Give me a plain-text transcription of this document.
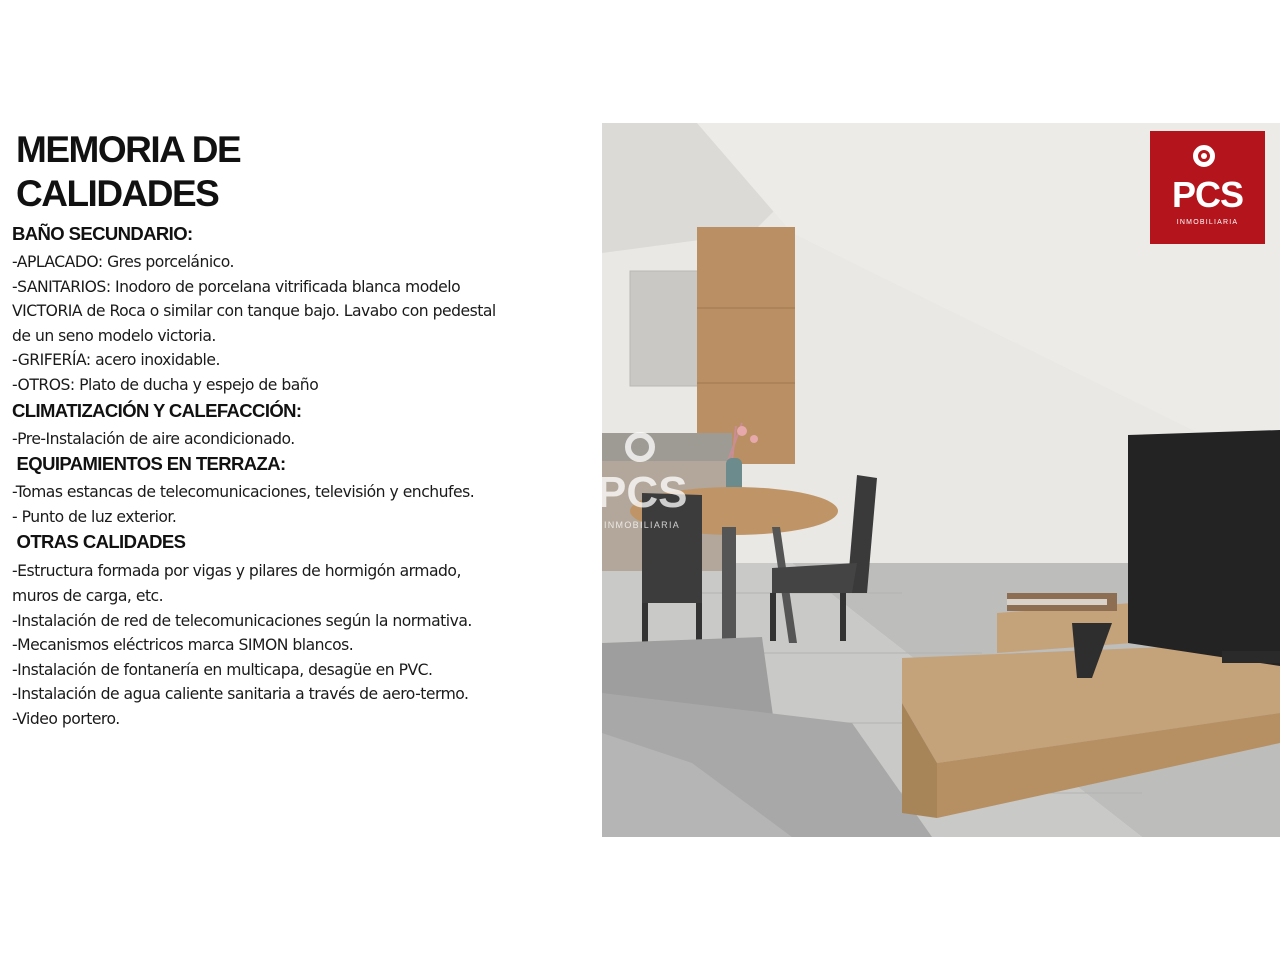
MEMORIA DE
CALIDADES
BAÑO SECUNDARIO:
-APLACADO: Gres porcelánico.
-SANITARIOS: Inodoro de porcelana vitrificada blanca modelo
VICTORIA de Roca o similar con tanque bajo. Lavabo con pedestal
de un seno modelo victoria.
-GRIFERÍA: acero inoxidable.
-OTROS: Plato de ducha y espejo de baño
CLIMATIZACIÓN Y CALEFACCIÓN:
-Pre-Instalación de aire acondicionado.
EQUIPAMIENTOS EN TERRAZA:
-Tomas estancas de telecomunicaciones, televisión y enchufes.
- Punto de luz exterior.
OTRAS CALIDADES
-Estructura formada por vigas y pilares de hormigón armado,
muros de carga, etc.
-Instalación de red de telecomunicaciones según la normativa.
-Mecanismos eléctricos marca SIMON blancos.
-Instalación de fontanería en multicapa, desagüe en PVC.
-Instalación de agua caliente sanitaria a través de aero-termo.
-Video portero.
PCS
INMOBILIARIA
PCS
INMOBILIARIA
